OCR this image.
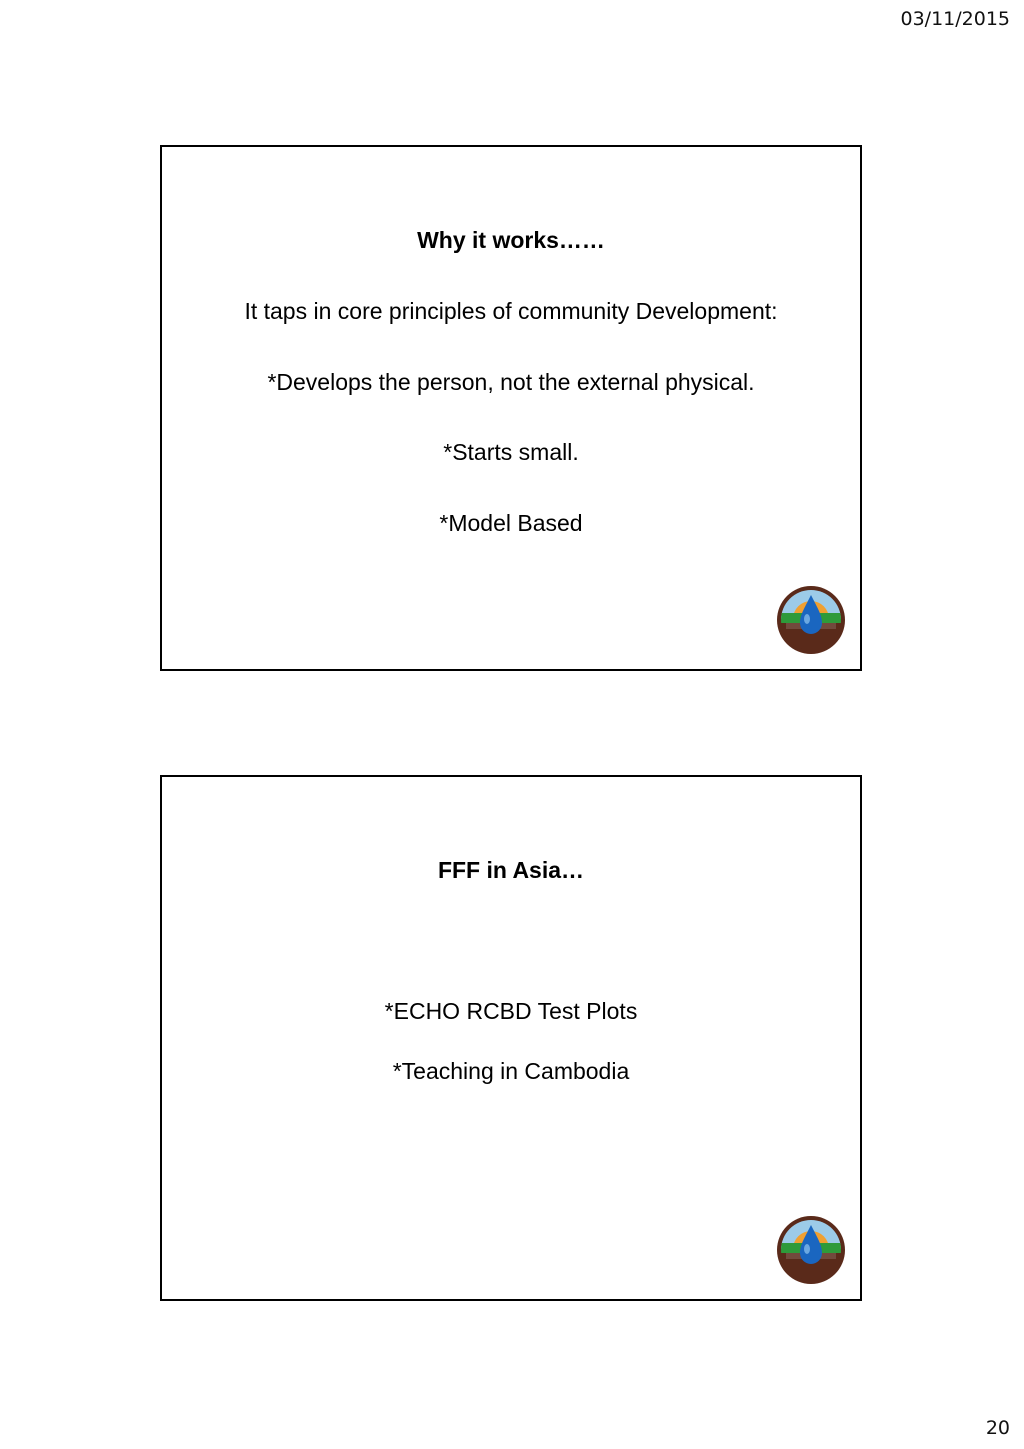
03/11/2015
Why it works……
It taps in core principles of community Development:
*Develops the person, not the external physical.
*Starts small.
*Model Based
FFF in Asia…
*ECHO RCBD Test Plots
*Teaching in Cambodia
20
